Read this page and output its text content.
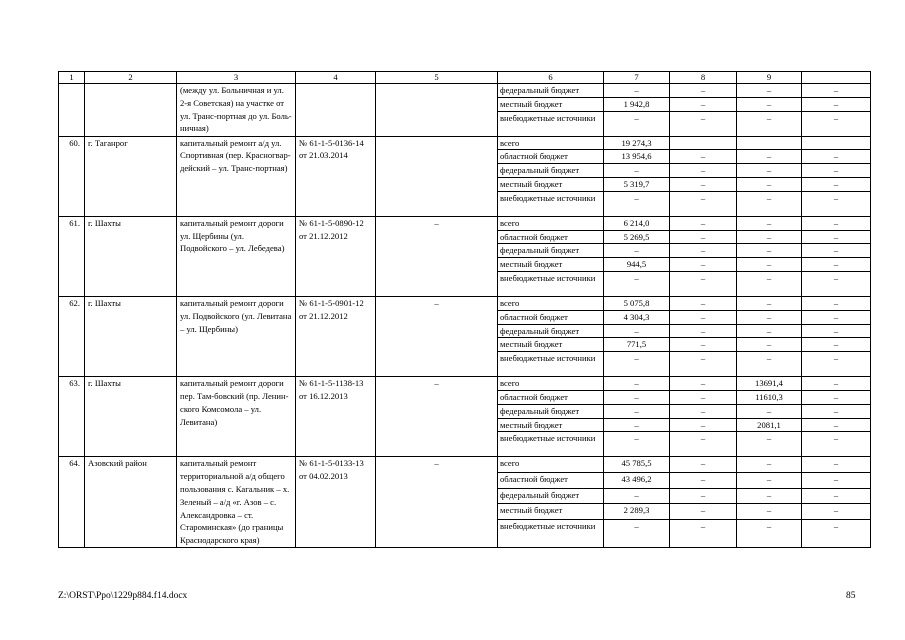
1	2	3	4	5	6	7	8	9	
		(между ул. Больничная и ул. 2-я Советская) на участке от ул. Транс-портная до ул. Боль-ничная)			федеральный бюджет	–	–	–	–
					местный бюджет	1 942,8	–	–	–
					внебюджетные источники	–	–	–	–
60.	г. Таганрог	капитальный ремонт а/д ул. Спортивная (пер. Красногвар-дейский – ул. Транс-портная)	№ 61-1-5-0136-14 от 21.03.2014		всего	19 274,3			
					областной бюджет	13 954,6	–	–	–
					федеральный бюджет	–	–	–	–
					местный бюджет	5 319,7	–	–	–
					внебюджетные источники	–	–	–	–
61.	г. Шахты	капитальный ремонт дороги ул. Щербины (ул. Подвойского – ул. Лебедева)	№ 61-1-5-0890-12 от 21.12.2012	–	всего	6 214,0	–	–	–
					областной бюджет	5 269,5	–	–	–
					федеральный бюджет	–	–	–	–
					местный бюджет	944,5	–	–	–
					внебюджетные источники	–	–	–	–
62.	г. Шахты	капитальный ремонт дороги ул. Подвойского (ул. Левитана – ул. Щербины)	№ 61-1-5-0901-12 от 21.12.2012	–	всего	5 075,8	–	–	–
					областной бюджет	4 304,3	–	–	–
					федеральный бюджет	–	–	–	–
					местный бюджет	771,5	–	–	–
					внебюджетные источники	–	–	–	–
63.	г. Шахты	капитальный ремонт дороги пер. Там-бовский (пр. Ленин-ского Комсомола – ул. Левитана)	№ 61-1-5-1138-13 от 16.12.2013	–	всего	–	–	13691,4	–
					областной бюджет	–	–	11610,3	–
					федеральный бюджет	–	–	–	–
					местный бюджет	–	–	2081,1	–
					внебюджетные источники	–	–	–	–
64.	Азовский район	капитальный ремонт территориальной а/д общего пользования с. Кагальник – х. Зеленый – а/д «г. Азов – с. Александровка – ст. Староминская» (до границы Краснодарского края)	№ 61-1-5-0133-13 от 04.02.2013	–	всего	45 785,5	–	–	–
					областной бюджет	43 496,2	–	–	–
					федеральный бюджет	–	–	–	–
					местный бюджет	2 289,3	–	–	–
					внебюджетные источники	–	–	–	–
Z:\ORST\Ppo\1229p884.f14.docx	85
